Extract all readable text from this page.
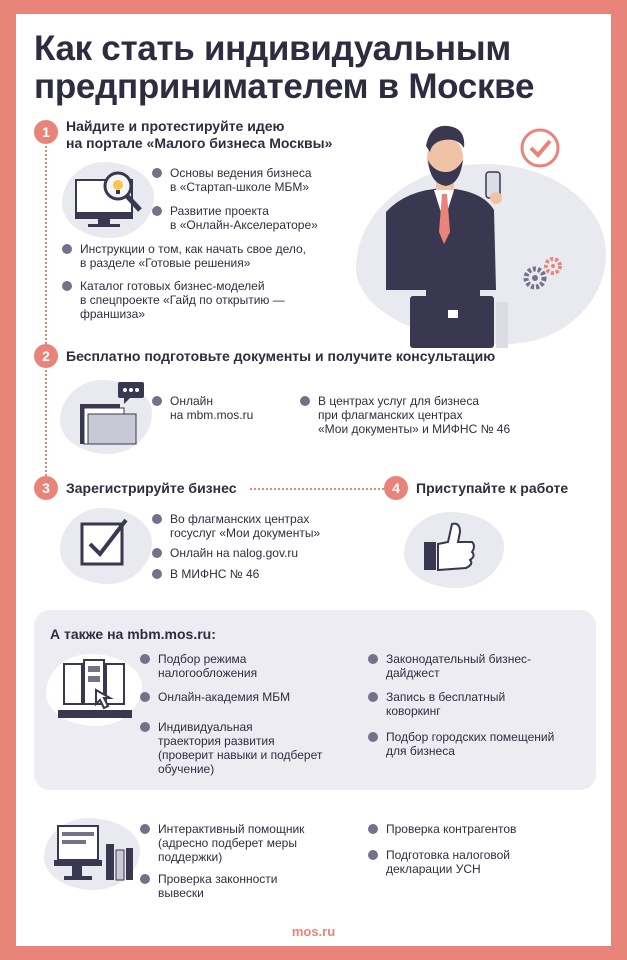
Как стать индивидуальным предпринимателем в Москве
1	Найдите и протестируйте идею
на портале «Малого бизнеса Москвы»
Основы ведения бизнеса
в «Стартап-школе МБМ»
Развитие проекта
в «Онлайн-Акселераторе»
Инструкции о том, как начать свое дело,
в разделе «Готовые решения»
Каталог готовых бизнес-моделей
в спецпроекте «Гайд по открытию —
франшиза»
2	Бесплатно подготовьте документы и получите консультацию
Онлайн
на mbm.mos.ru
В центрах услуг для бизнеса
при флагманских центрах
«Мои документы» и МИФНС № 46
3	Зарегистрируйте бизнес
Во флагманских центрах
госуслуг «Мои документы»
Онлайн на nalog.gov.ru
В МИФНС № 46
4	Приступайте к работе
А также на mbm.mos.ru:
Подбор режима
налогообложения
Онлайн-академия МБМ
Индивидуальная
траектория развития
(проверит навыки и подберет
обучение)
Законодательный бизнес-
дайджест
Запись в бесплатный
коворкинг
Подбор городских помещений
для бизнеса
Интерактивный помощник
(адресно подберет меры
поддержки)
Проверка законности
вывески
Проверка контрагентов
Подготовка налоговой
декларации УСН
mos.ru
